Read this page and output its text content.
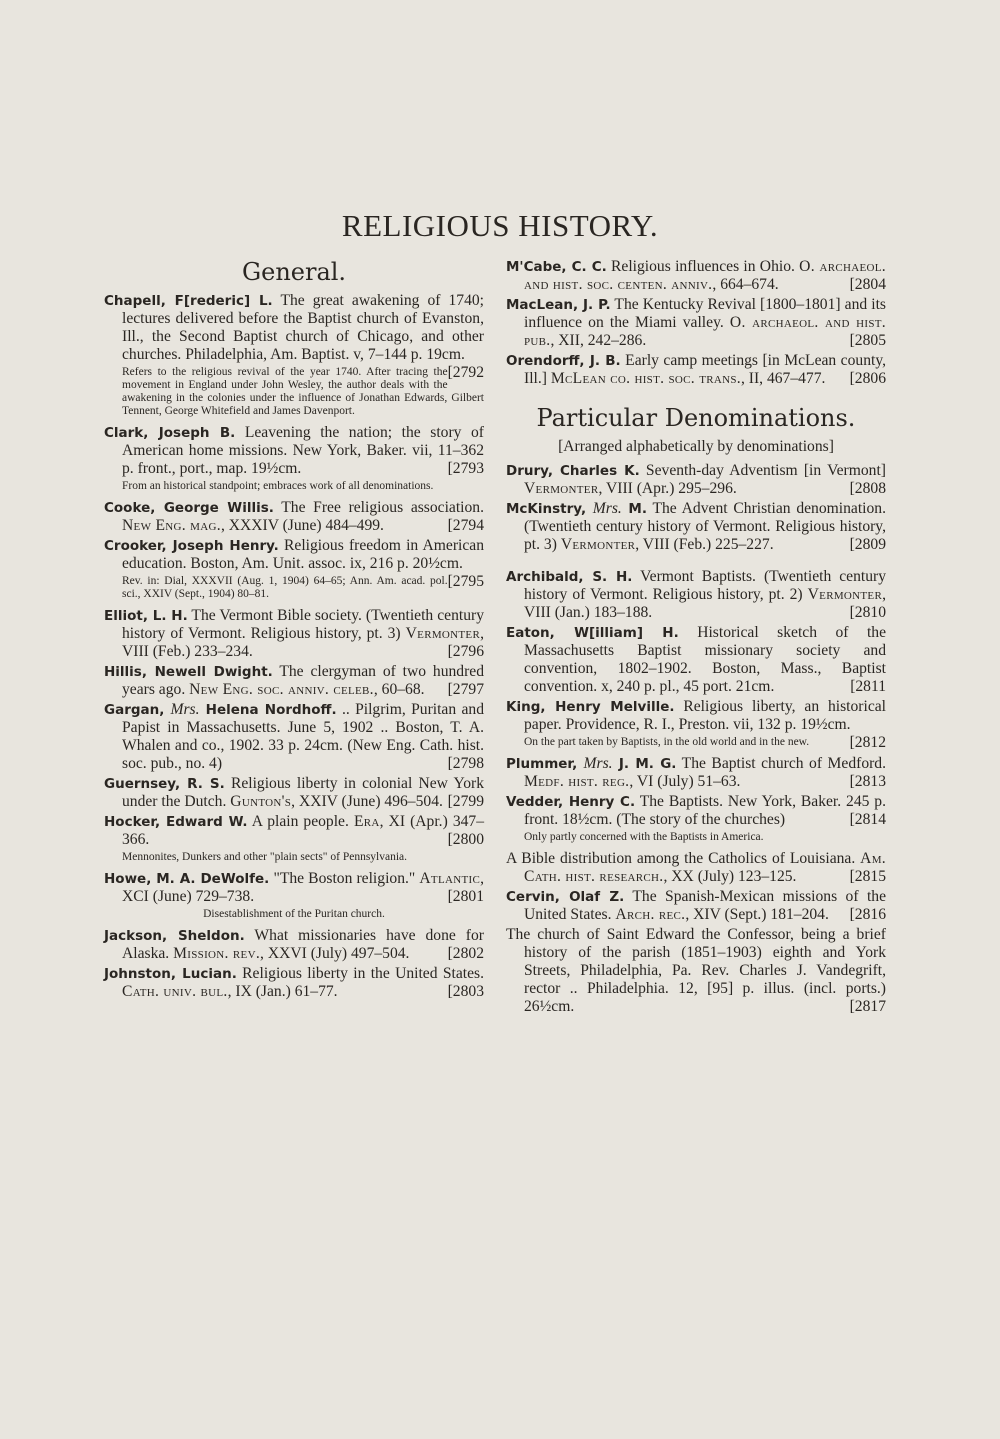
RELIGIOUS HISTORY.
General.

Chapell, F[rederic] L. The great awakening of 1740; lectures delivered before the Baptist church of Evanston, Ill., the Second Baptist church of Chicago, and other churches. Philadelphia, Am. Baptist. v, 7–144 p. 19cm.
[2792

Refers to the religious revival of the year 1740. After tracing the movement in England under John Wesley, the author deals with the awakening in the colonies under the influence of Jonathan Edwards, Gilbert Tennent, George Whitefield and James Davenport.

Clark, Joseph B. Leavening the nation; the story of American home missions. New York, Baker. vii, 11–362 p. front., port., map. 19½cm.	[2793

From an historical standpoint; embraces work of all denominations.

Cooke, George Willis. The Free religious association. New Eng. mag., XXXIV (June) 484–499.	[2794

Crooker, Joseph Henry. Religious freedom in American education. Boston, Am. Unit. assoc. ix, 216 p. 20½cm.
[2795

Rev. in: Dial, XXXVII (Aug. 1, 1904) 64–65; Ann. Am. acad. pol. sci., XXIV (Sept., 1904) 80–81.

Elliot, L. H. The Vermont Bible society. (Twentieth century history of Vermont. Religious history, pt. 3) Vermonter, VIII (Feb.) 233–234.	[2796

Hillis, Newell Dwight. The clergyman of two hundred years ago. New Eng. soc. anniv. celeb., 60–68. [2797

Gargan, Mrs. Helena Nordhoff. .. Pilgrim, Puritan and Papist in Massachusetts. June 5, 1902 .. Boston, T. A. Whalen and co., 1902. 33 p. 24cm. (New Eng. Cath. hist. soc. pub., no. 4)	[2798

Guernsey, R. S. Religious liberty in colonial New York under the Dutch. Gunton's, XXIV (June) 496–504. [2799

Hocker, Edward W. A plain people. Era, XI (Apr.) 347–366.	[2800

Mennonites, Dunkers and other "plain sects" of Pennsylvania.

Howe, M. A. DeWolfe. "The Boston religion." Atlantic, XCI (June) 729–738.	[2801

Disestablishment of the Puritan church.

Jackson, Sheldon. What missionaries have done for Alaska. Mission. rev., XXVI (July) 497–504. [2802

Johnston, Lucian. Religious liberty in the United States. Cath. univ. bul., IX (Jan.) 61–77.	[2803

M'Cabe, C. C. Religious influences in Ohio. O. archaeol. and hist. soc. centen. anniv., 664–674.	[2804

MacLean, J. P. The Kentucky Revival [1800–1801] and its influence on the Miami valley. O. archaeol. and hist. pub., XII, 242–286.	[2805

Orendorff, J. B. Early camp meetings [in McLean county, Ill.] McLean co. hist. soc. trans., II, 467–477. [2806

Particular Denominations.

[Arranged alphabetically by denominations]

Drury, Charles K. Seventh-day Adventism [in Vermont] Vermonter, VIII (Apr.) 295–296.	[2808

McKinstry, Mrs. M. The Advent Christian denomination. (Twentieth century history of Vermont. Religious history, pt. 3) Vermonter, VIII (Feb.) 225–227.	[2809

Archibald, S. H. Vermont Baptists. (Twentieth century history of Vermont. Religious history, pt. 2) Vermonter, VIII (Jan.) 183–188.	[2810

Eaton, W[illiam] H. Historical sketch of the Massachusetts Baptist missionary society and convention, 1802–1902. Boston, Mass., Baptist convention. x, 240 p. pl., 45 port. 21cm.	[2811

King, Henry Melville. Religious liberty, an historical paper. Providence, R. I., Preston. vii, 132 p. 19½cm.
[2812

On the part taken by Baptists, in the old world and in the new.

Plummer, Mrs. J. M. G. The Baptist church of Medford. Medf. hist. reg., VI (July) 51–63.	[2813

Vedder, Henry C. The Baptists. New York, Baker. 245 p. front. 18½cm. (The story of the churches)	[2814

Only partly concerned with the Baptists in America.

A Bible distribution among the Catholics of Louisiana. Am. Cath. hist. research., XX (July) 123–125.	[2815

Cervin, Olaf Z. The Spanish-Mexican missions of the United States. Arch. rec., XIV (Sept.) 181–204. [2816

The church of Saint Edward the Confessor, being a brief history of the parish (1851–1903) eighth and York Streets, Philadelphia, Pa. Rev. Charles J. Vandegrift, rector .. Philadelphia. 12, [95] p. illus. (incl. ports.) 26½cm.	[2817
